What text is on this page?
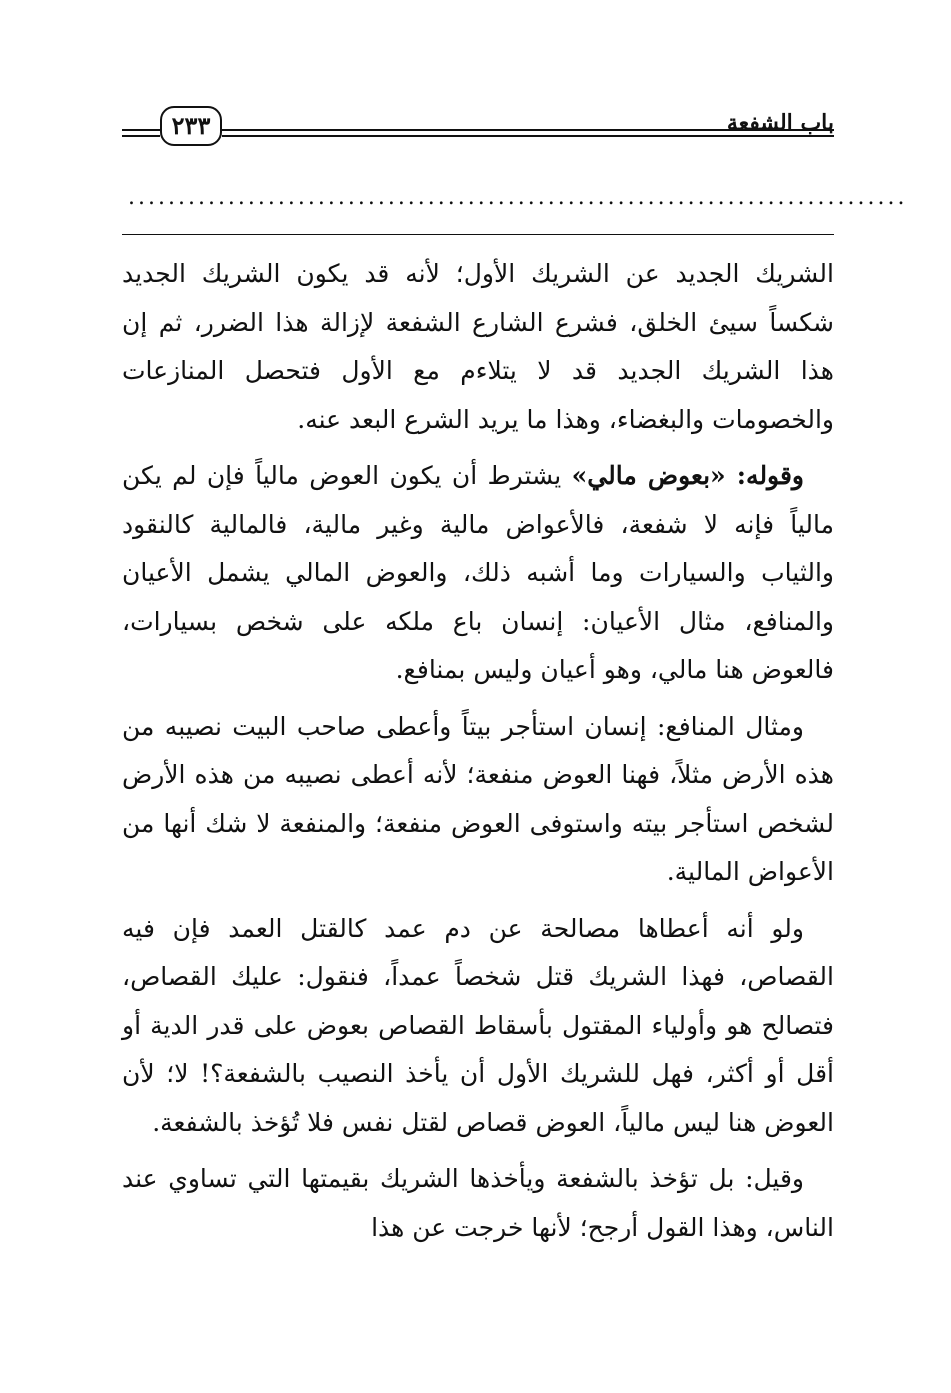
باب الشفعة
٢٣٣
..............................................................................

الشريك الجديد عن الشريك الأول؛ لأنه قد يكون الشريك الجديد شكساً سيئ الخلق، فشرع الشارع الشفعة لإزالة هذا الضرر، ثم إن هذا الشريك الجديد قد لا يتلاءم مع الأول فتحصل المنازعات والخصومات والبغضاء، وهذا ما يريد الشرع البعد عنه.

وقوله: «بعوض مالي» يشترط أن يكون العوض مالياً فإن لم يكن مالياً فإنه لا شفعة، فالأعواض مالية وغير مالية، فالمالية كالنقود والثياب والسيارات وما أشبه ذلك، والعوض المالي يشمل الأعيان والمنافع، مثال الأعيان: إنسان باع ملكه على شخص بسيارات، فالعوض هنا مالي، وهو أعيان وليس بمنافع.

ومثال المنافع: إنسان استأجر بيتاً وأعطى صاحب البيت نصيبه من هذه الأرض مثلاً، فهنا العوض منفعة؛ لأنه أعطى نصيبه من هذه الأرض لشخص استأجر بيته واستوفى العوض منفعة؛ والمنفعة لا شك أنها من الأعواض المالية.

ولو أنه أعطاها مصالحة عن دم عمد كالقتل العمد فإن فيه القصاص، فهذا الشريك قتل شخصاً عمداً، فنقول: عليك القصاص، فتصالح هو وأولياء المقتول بأسقاط القصاص بعوض على قدر الدية أو أقل أو أكثر، فهل للشريك الأول أن يأخذ النصيب بالشفعة؟! لا؛ لأن العوض هنا ليس مالياً، العوض قصاص لقتل نفس فلا تُؤخذ بالشفعة.

وقيل: بل تؤخذ بالشفعة ويأخذها الشريك بقيمتها التي تساوي عند الناس، وهذا القول أرجح؛ لأنها خرجت عن هذا
